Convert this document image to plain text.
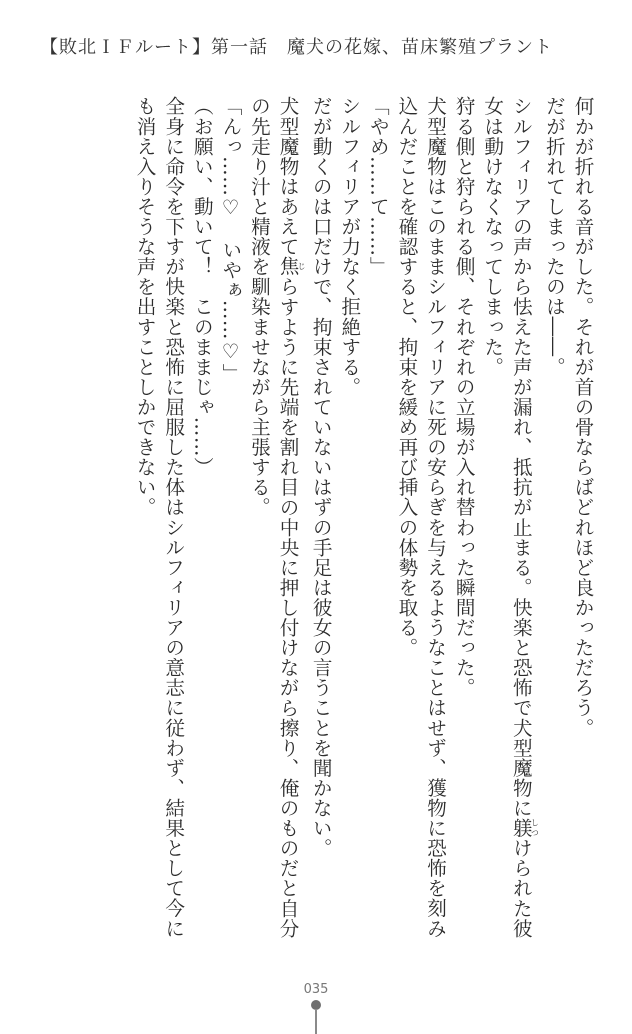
【敗北ＩＦルート】第一話　魔犬の花嫁、苗床繁殖プラント

何かが折れる音がした。それが首の骨ならばどれほど良かっただろう。

だが折れてしまったのは――。

シルフィリアの声から怯えた声が漏れ、抵抗が止まる。快楽と恐怖で犬型魔物に躾しつけられた彼女は動けなくなってしまった。

狩る側と狩られる側、それぞれの立場が入れ替わった瞬間だった。

犬型魔物はこのままシルフィリアに死の安らぎを与えるようなことはせず、獲物に恐怖を刻み込んだことを確認すると、拘束を緩め再び挿入の体勢を取る。

「やめ……て……」

シルフィリアが力なく拒絶する。

だが動くのは口だけで、拘束されていないはずの手足は彼女の言うことを聞かない。

犬型魔物はあえて焦じらすように先端を割れ目の中央に押し付けながら擦り、俺のものだと自分の先走り汁と精液を馴染ませながら主張する。

「んっ……♡　いやぁ……♡」

（お願い、動いて！　このままじゃ……）

全身に命令を下すが快楽と恐怖に屈服した体はシルフィリアの意志に従わず、結果として今にも消え入りそうな声を出すことしかできない。

035
